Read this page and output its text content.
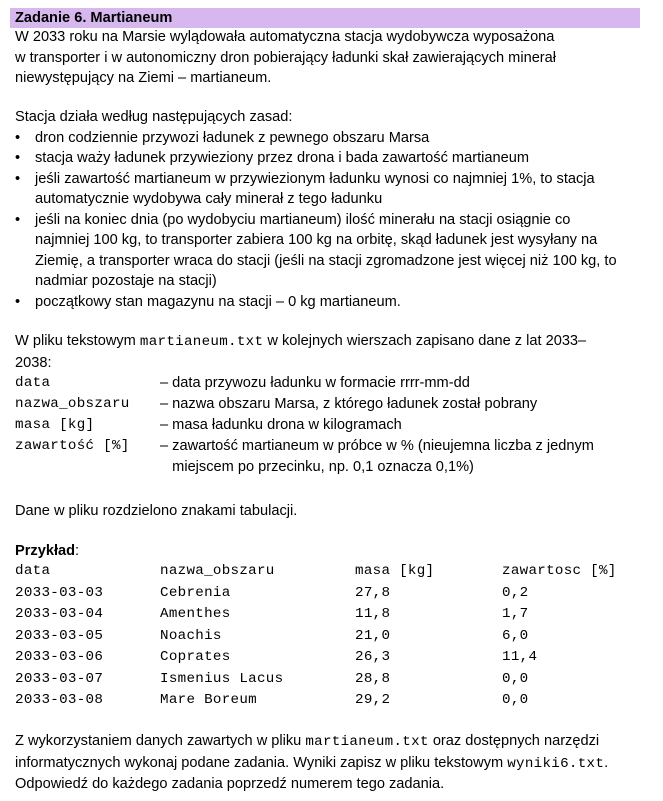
Zadanie 6. Martianeum

W 2033 roku na Marsie wylądowała automatyczna stacja wydobywcza wyposażona

w transporter i w autonomiczny dron pobierający ładunki skał zawierających minerał

niewystępujący na Ziemi – martianeum.

Stacja działa według następujących zasad:

• dron codziennie przywozi ładunek z pewnego obszaru Marsa
• stacja waży ładunek przywieziony przez drona i bada zawartość martianeum
• jeśli zawartość martianeum w przywiezionym ładunku wynosi co najmniej 1%, to stacja
automatycznie wydobywa cały minerał z tego ładunku
• jeśli na koniec dnia (po wydobyciu martianeum) ilość minerału na stacji osiągnie co
najmniej 100 kg, to transporter zabiera 100 kg na orbitę, skąd ładunek jest wysyłany na
Ziemię, a transporter wraca do stacji (jeśli na stacji zgromadzone jest więcej niż 100 kg, to
nadmiar pozostaje na stacji)
• początkowy stan magazynu na stacji – 0 kg martianeum.

W pliku tekstowym martianeum.txt w kolejnych wierszach zapisano dane z lat 2033–

2038:

data	– data przywozu ładunku w formacie rrrr-mm-dd
nazwa_obszaru – nazwa obszaru Marsa, z którego ładunek został pobrany
masa [kg]	– masa ładunku drona w kilogramach
zawartość [%] – zawartość martianeum w próbce w % (nieujemna liczba z jednym
miejscem po przecinku, np. 0,1 oznacza 0,1%)
Dane w pliku rozdzielono znakami tabulacji.
Przykład:
data	nazwa_obszaru	masa [kg]	zawartosc [%]
2033-03-03	Cebrenia	27,8	0,2
2033-03-04	Amenthes	11,8	1,7
2033-03-05	Noachis	21,0	6,0
2033-03-06	Coprates	26,3	11,4
2033-03-07	Ismenius Lacus	28,8	0,0
2033-03-08	Mare Boreum	29,2	0,0

Z wykorzystaniem danych zawartych w pliku martianeum.txt oraz dostępnych narzędzi

informatycznych wykonaj podane zadania. Wyniki zapisz w pliku tekstowym wyniki6.txt.

Odpowiedź do każdego zadania poprzedź numerem tego zadania.
